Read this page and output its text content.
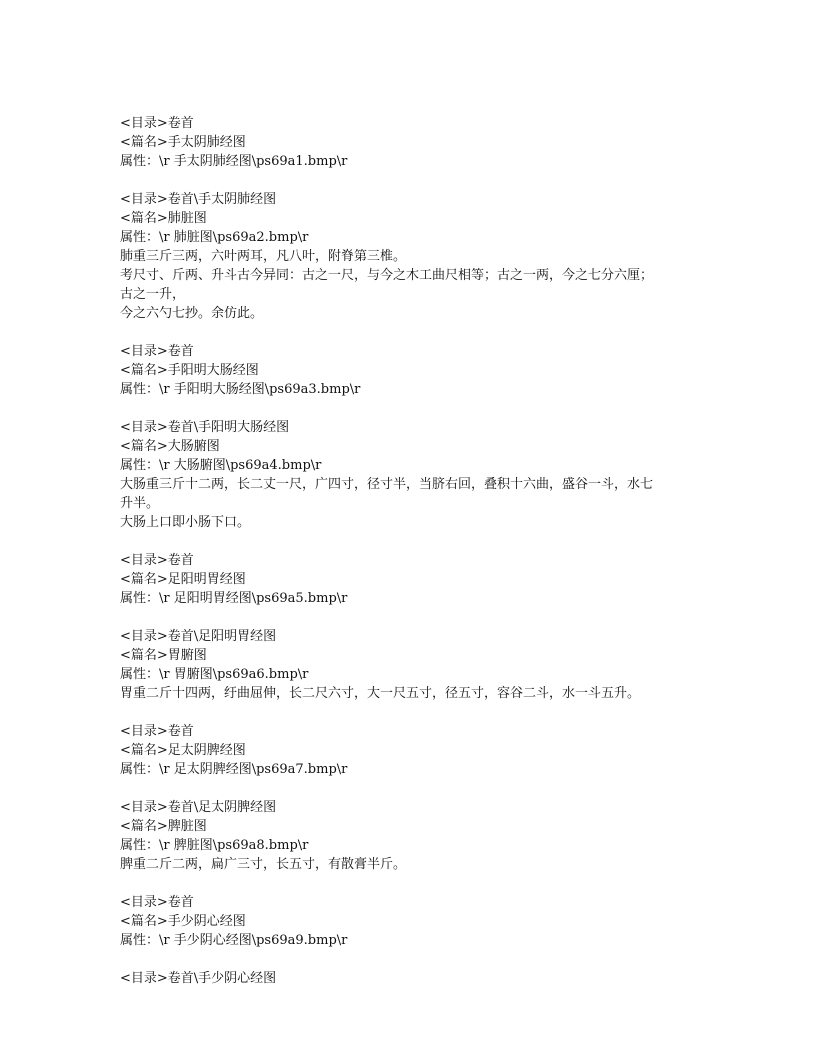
<目录>卷首
<篇名>手太阴肺经图
属性：\r 手太阴肺经图\ps69a1.bmp\r
<目录>卷首\手太阴肺经图
<篇名>肺脏图
属性：\r 肺脏图\ps69a2.bmp\r
肺重三斤三两，六叶两耳，凡八叶，附脊第三椎。
考尺寸、斤两、升斗古今异同：古之一尺，与今之木工曲尺相等；古之一两，今之七分六厘；
古之一升，
今之六勺七抄。余仿此。
<目录>卷首
<篇名>手阳明大肠经图
属性：\r 手阳明大肠经图\ps69a3.bmp\r
<目录>卷首\手阳明大肠经图
<篇名>大肠腑图
属性：\r 大肠腑图\ps69a4.bmp\r
大肠重三斤十二两，长二丈一尺，广四寸，径寸半，当脐右回，叠积十六曲，盛谷一斗，水七
升半。
大肠上口即小肠下口。
<目录>卷首
<篇名>足阳明胃经图
属性：\r 足阳明胃经图\ps69a5.bmp\r
<目录>卷首\足阳明胃经图
<篇名>胃腑图
属性：\r 胃腑图\ps69a6.bmp\r
胃重二斤十四两，纡曲屈伸，长二尺六寸，大一尺五寸，径五寸，容谷二斗，水一斗五升。
<目录>卷首
<篇名>足太阴脾经图
属性：\r 足太阴脾经图\ps69a7.bmp\r
<目录>卷首\足太阴脾经图
<篇名>脾脏图
属性：\r 脾脏图\ps69a8.bmp\r
脾重二斤二两，扁广三寸，长五寸，有散膏半斤。
<目录>卷首
<篇名>手少阴心经图
属性：\r 手少阴心经图\ps69a9.bmp\r
<目录>卷首\手少阴心经图
